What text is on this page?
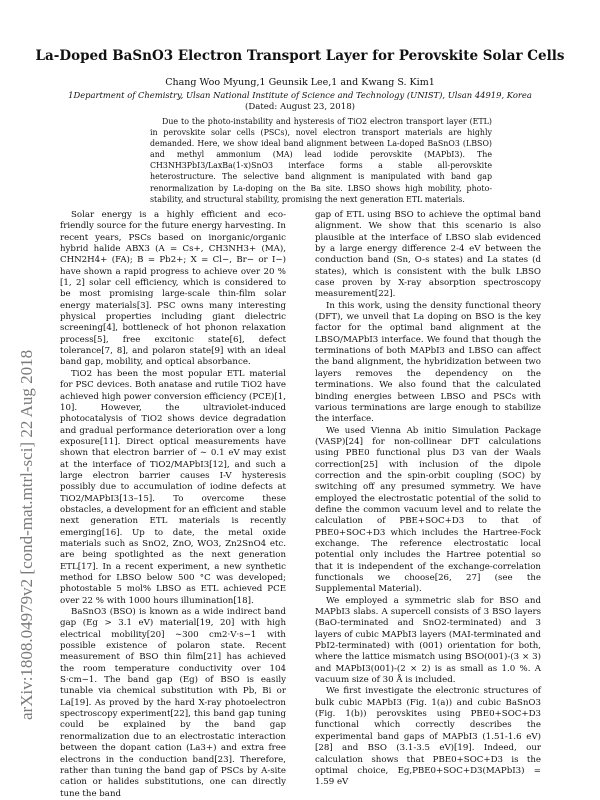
arXiv:1808.04979v2 [cond-mat.mtrl-sci] 22 Aug 2018
La-Doped BaSnO3 Electron Transport Layer for Perovskite Solar Cells
Chang Woo Myung,1 Geunsik Lee,1 and Kwang S. Kim1
1Department of Chemistry, Ulsan National Institute of Science and Technology (UNIST), Ulsan 44919, Korea
(Dated: August 23, 2018)
Due to the photo-instability and hysteresis of TiO2 electron transport layer (ETL) in perovskite solar cells (PSCs), novel electron transport materials are highly demanded. Here, we show ideal band alignment between La-doped BaSnO3 (LBSO) and methyl ammonium (MA) lead iodide perovskite (MAPbI3). The CH3NH3PbI3/LaxBa(1-x)SnO3 interface forms a stable all-perovskite heterostructure. The selective band alignment is manipulated with band gap renormalization by La-doping on the Ba site. LBSO shows high mobility, photo-stability, and structural stability, promising the next generation ETL materials.

Solar energy is a highly efficient and eco-friendly source for the future energy harvesting. In recent years, PSCs based on inorganic/organic hybrid halide ABX3 (A = Cs+, CH3NH3+ (MA), CHN2H4+ (FA); B = Pb2+; X = Cl−, Br− or I−) have shown a rapid progress to achieve over 20 %[1, 2] solar cell efficiency, which is considered to be most promising large-scale thin-film solar energy materials[3]. PSC owns many interesting physical properties including giant dielectric screening[4], bottleneck of hot phonon relaxation process[5], free excitonic state[6], defect tolerance[7, 8], and polaron state[9] with an ideal band gap, mobility, and optical absorbance.

TiO2 has been the most popular ETL material for PSC devices. Both anatase and rutile TiO2 have achieved high power conversion efficiency (PCE)[1, 10]. However, the ultraviolet-induced photocatalysis of TiO2 shows device degradation and gradual performance deterioration over a long exposure[11]. Direct optical measurements have shown that electron barrier of ∼ 0.1 eV may exist at the interface of TiO2/MAPbI3[12], and such a large electron barrier causes I-V hysteresis possibly due to accumulation of iodine defects at TiO2/MAPbI3[13–15]. To overcome these obstacles, a development for an efficient and stable next generation ETL materials is recently emerging[16]. Up to date, the metal oxide materials such as SnO2, ZnO, WO3, Zn2SnO4 etc. are being spotlighted as the next generation ETL[17]. In a recent experiment, a new synthetic method for LBSO below 500 °C was developed; photostable 5 mol% LBSO as ETL achieved PCE over 22 % with 1000 hours illumination[18].

BaSnO3 (BSO) is known as a wide indirect band gap (Eg > 3.1 eV) material[19, 20] with high electrical mobility[20] ∼300 cm2·V·s−1 with possible existence of polaron state. Recent measurement of BSO thin film[21] has achieved the room temperature conductivity over 104 S·cm−1. The band gap (Eg) of BSO is easily tunable via chemical substitution with Pb, Bi or La[19]. As proved by the hard X-ray photoelectron spectroscopy experiment[22], this band gap tuning could be explained by the band gap renormalization due to an electrostatic interaction between the dopant cation (La3+) and extra free electrons in the conduction band[23]. Therefore, rather than tuning the band gap of PSCs by A-site cation or halides substitutions, one can directly tune the band

gap of ETL using BSO to achieve the optimal band alignment. We show that this scenario is also plausible at the interface of LBSO slab evidenced by a large energy difference 2-4 eV between the conduction band (Sn, O-s states) and La states (d states), which is consistent with the bulk LBSO case proven by X-ray absorption spectroscopy measurement[22].

In this work, using the density functional theory (DFT), we unveil that La doping on BSO is the key factor for the optimal band alignment at the LBSO/MAPbI3 interface. We found that though the terminations of both MAPbI3 and LBSO can affect the band alignment, the hybridization between two layers removes the dependency on the terminations. We also found that the calculated binding energies between LBSO and PSCs with various terminations are large enough to stabilize the interface.

We used Vienna Ab initio Simulation Package (VASP)[24] for non-collinear DFT calculations using PBE0 functional plus D3 van der Waals correction[25] with inclusion of the dipole correction and the spin-orbit coupling (SOC) by switching off any presumed symmetry. We have employed the electrostatic potential of the solid to define the common vacuum level and to relate the calculation of PBE+SOC+D3 to that of PBE0+SOC+D3 which includes the Hartree-Fock exchange. The reference electrostatic local potential only includes the Hartree potential so that it is independent of the exchange-correlation functionals we choose[26, 27] (see the Supplemental Material).

We employed a symmetric slab for BSO and MAPbI3 slabs. A supercell consists of 3 BSO layers (BaO-terminated and SnO2-terminated) and 3 layers of cubic MAPbI3 layers (MAI-terminated and PbI2-terminated) with (001) orientation for both, where the lattice mismatch using BSO(001)-(3 × 3) and MAPbI3(001)-(2 × 2) is as small as 1.0 %. A vacuum size of 30 Å is included.

We first investigate the electronic structures of bulk cubic MAPbI3 (Fig. 1(a)) and cubic BaSnO3 (Fig. 1(b)) perovskites using PBE0+SOC+D3 functional which correctly describes the experimental band gaps of MAPbI3 (1.51-1.6 eV)[28] and BSO (3.1-3.5 eV)[19]. Indeed, our calculation shows that PBE0+SOC+D3 is the optimal choice, Eg,PBE0+SOC+D3(MAPbI3) = 1.59 eV
